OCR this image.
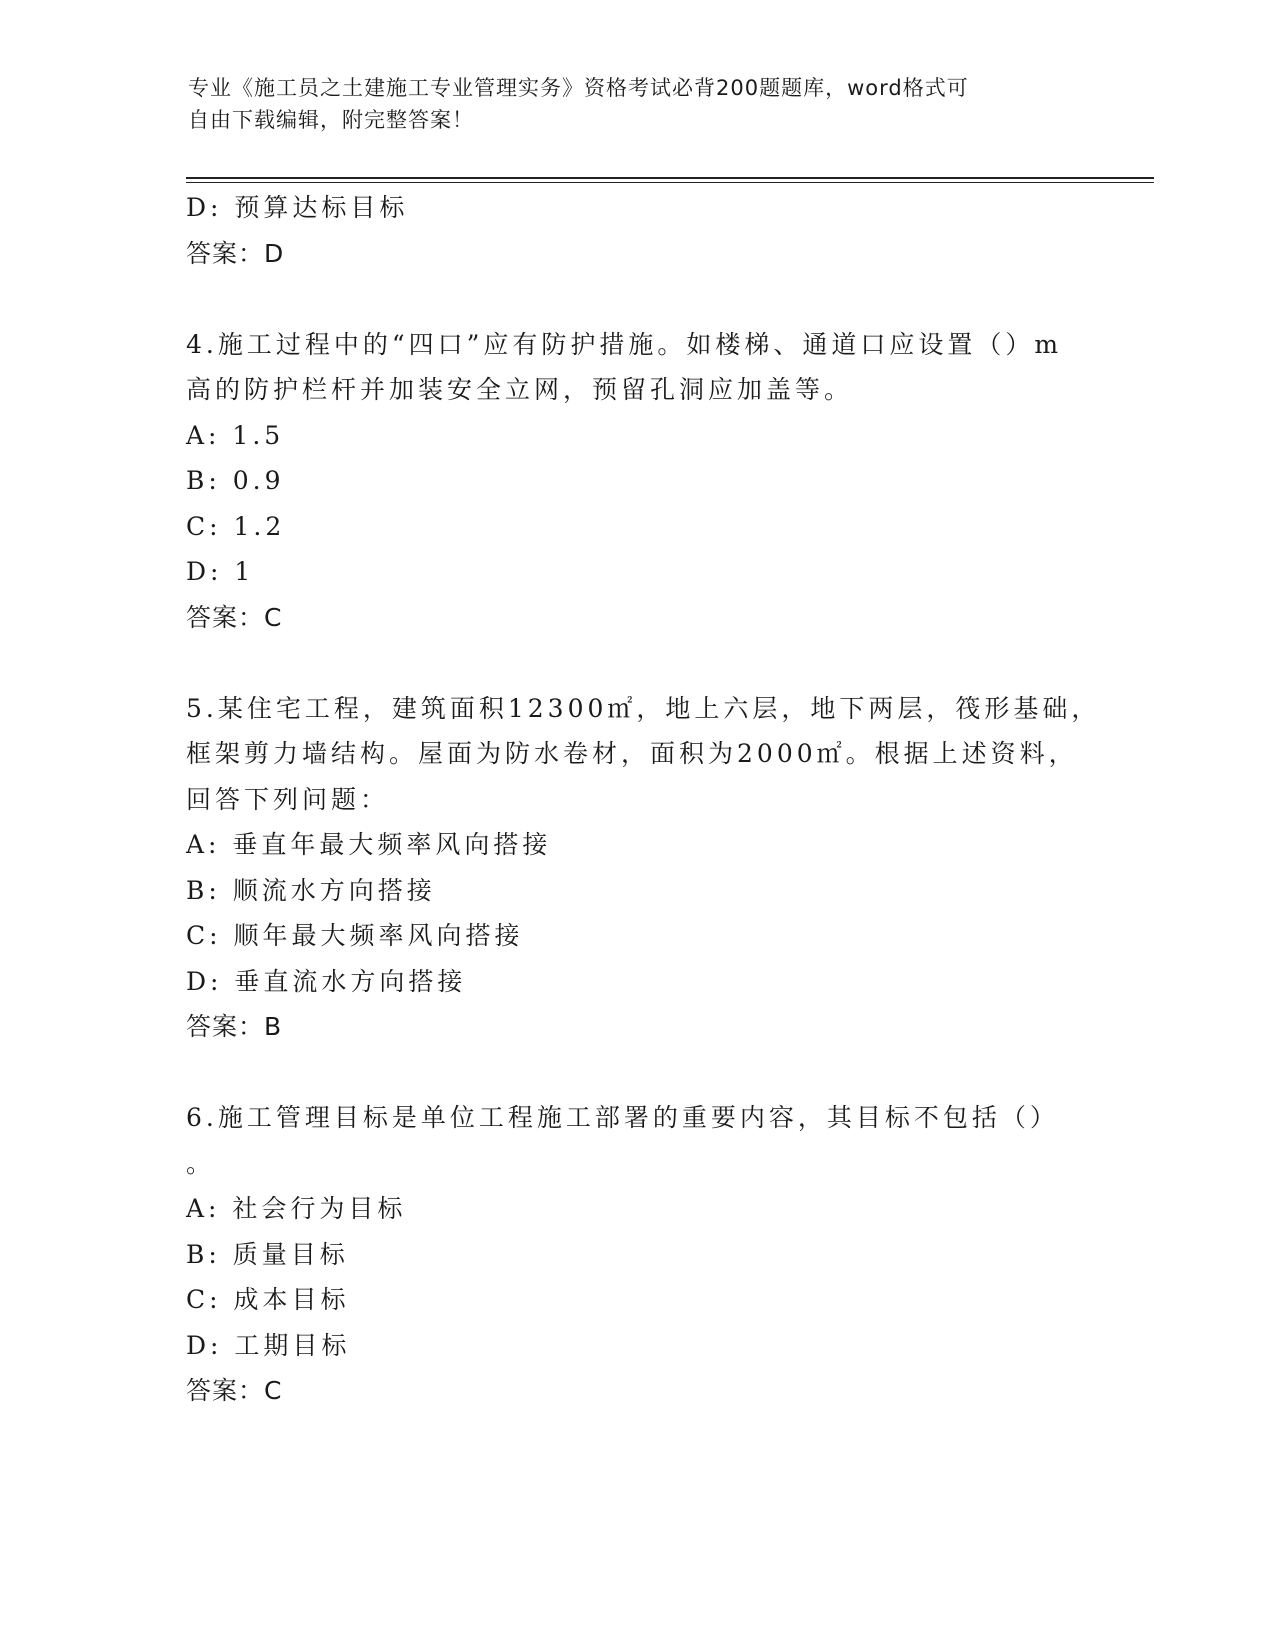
专业《施工员之土建施工专业管理实务》资格考试必背200题题库，word格式可
自由下载编辑，附完整答案！

D: 预算达标目标

答案：D

4.施工过程中的“四口”应有防护措施。如楼梯、通道口应设置（）m

高的防护栏杆并加装安全立网，预留孔洞应加盖等。

A: 1.5

B: 0.9

C: 1.2

D: 1

答案：C

5.某住宅工程，建筑面积12300㎡，地上六层，地下两层，筏形基础，

框架剪力墙结构。屋面为防水卷材，面积为2000㎡。根据上述资料，

回答下列问题：

A: 垂直年最大频率风向搭接

B: 顺流水方向搭接

C: 顺年最大频率风向搭接

D: 垂直流水方向搭接

答案：B

6.施工管理目标是单位工程施工部署的重要内容，其目标不包括（）

。

A: 社会行为目标

B: 质量目标

C: 成本目标

D: 工期目标

答案：C
